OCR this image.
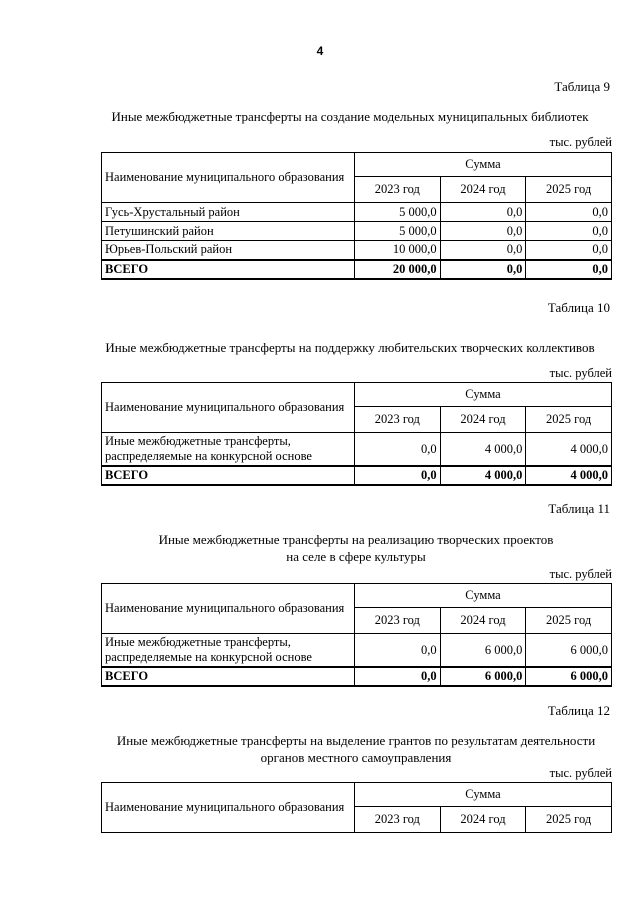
4
Таблица 9
Иные межбюджетные трансферты на создание модельных муниципальных библиотек
тыс. рублей
Наименование муниципального образования	Сумма		
	2023 год	2024 год	2025 год
Гусь-Хрустальный район	5 000,0	0,0	0,0
Петушинский район	5 000,0	0,0	0,0
Юрьев-Польский район	10 000,0	0,0	0,0
ВСЕГО	20 000,0	0,0	0,0
Таблица 10
Иные межбюджетные трансферты на поддержку любительских творческих коллективов
тыс. рублей
Наименование муниципального образования	Сумма		
	2023 год	2024 год	2025 год

Иные межбюджетные трансферты,
распределяемые на конкурсной основе	0,0	4 000,0	4 000,0
ВСЕГО	0,0	4 000,0	4 000,0
Таблица 11
Иные межбюджетные трансферты на реализацию творческих проектов
на селе в сфере культуры
тыс. рублей
Наименование муниципального образования	Сумма		
	2023 год	2024 год	2025 год

Иные межбюджетные трансферты,
распределяемые на конкурсной основе	0,0	6 000,0	6 000,0
ВСЕГО	0,0	6 000,0	6 000,0
Таблица 12
Иные межбюджетные трансферты на выделение грантов по результатам деятельности
органов местного самоуправления
тыс. рублей
Наименование муниципального образования	Сумма		
	2023 год	2024 год	2025 год
